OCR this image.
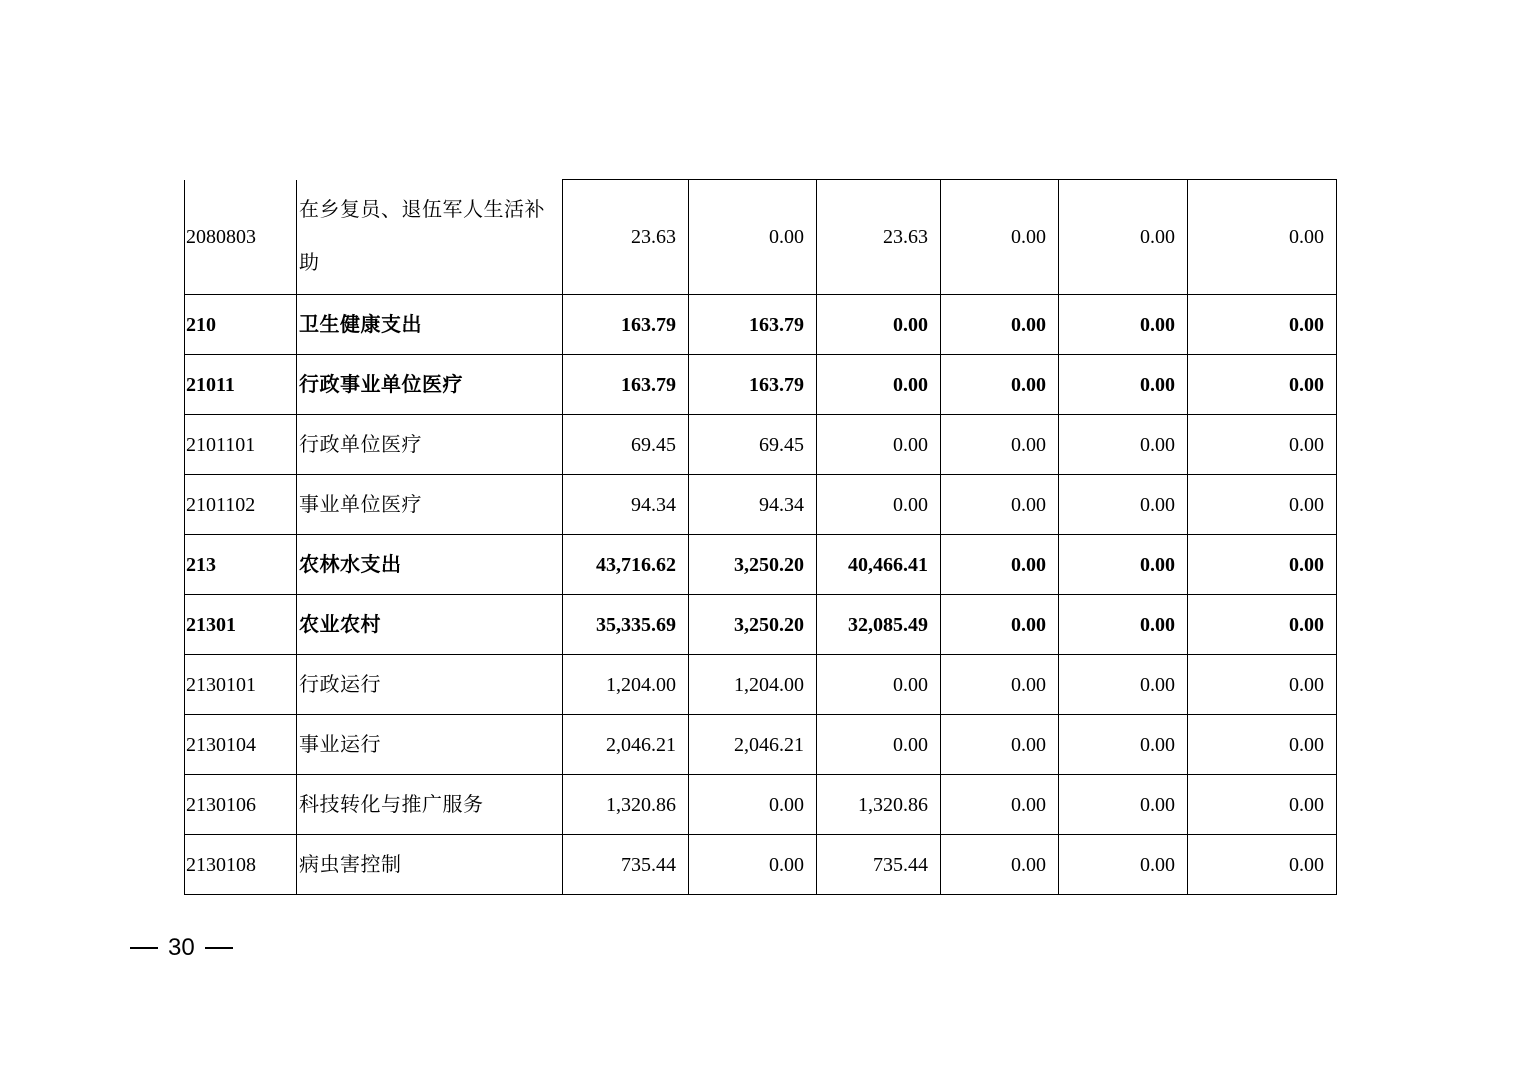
2080803	在乡复员、退伍军人生活补助	23.63	0.00	23.63	0.00	0.00	0.00
210	卫生健康支出	163.79	163.79	0.00	0.00	0.00	0.00
21011	行政事业单位医疗	163.79	163.79	0.00	0.00	0.00	0.00
2101101	行政单位医疗	69.45	69.45	0.00	0.00	0.00	0.00
2101102	事业单位医疗	94.34	94.34	0.00	0.00	0.00	0.00
213	农林水支出	43,716.62	3,250.20	40,466.41	0.00	0.00	0.00
21301	农业农村	35,335.69	3,250.20	32,085.49	0.00	0.00	0.00
2130101	行政运行	1,204.00	1,204.00	0.00	0.00	0.00	0.00
2130104	事业运行	2,046.21	2,046.21	0.00	0.00	0.00	0.00
2130106	科技转化与推广服务	1,320.86	0.00	1,320.86	0.00	0.00	0.00
2130108	病虫害控制	735.44	0.00	735.44	0.00	0.00	0.00
30
